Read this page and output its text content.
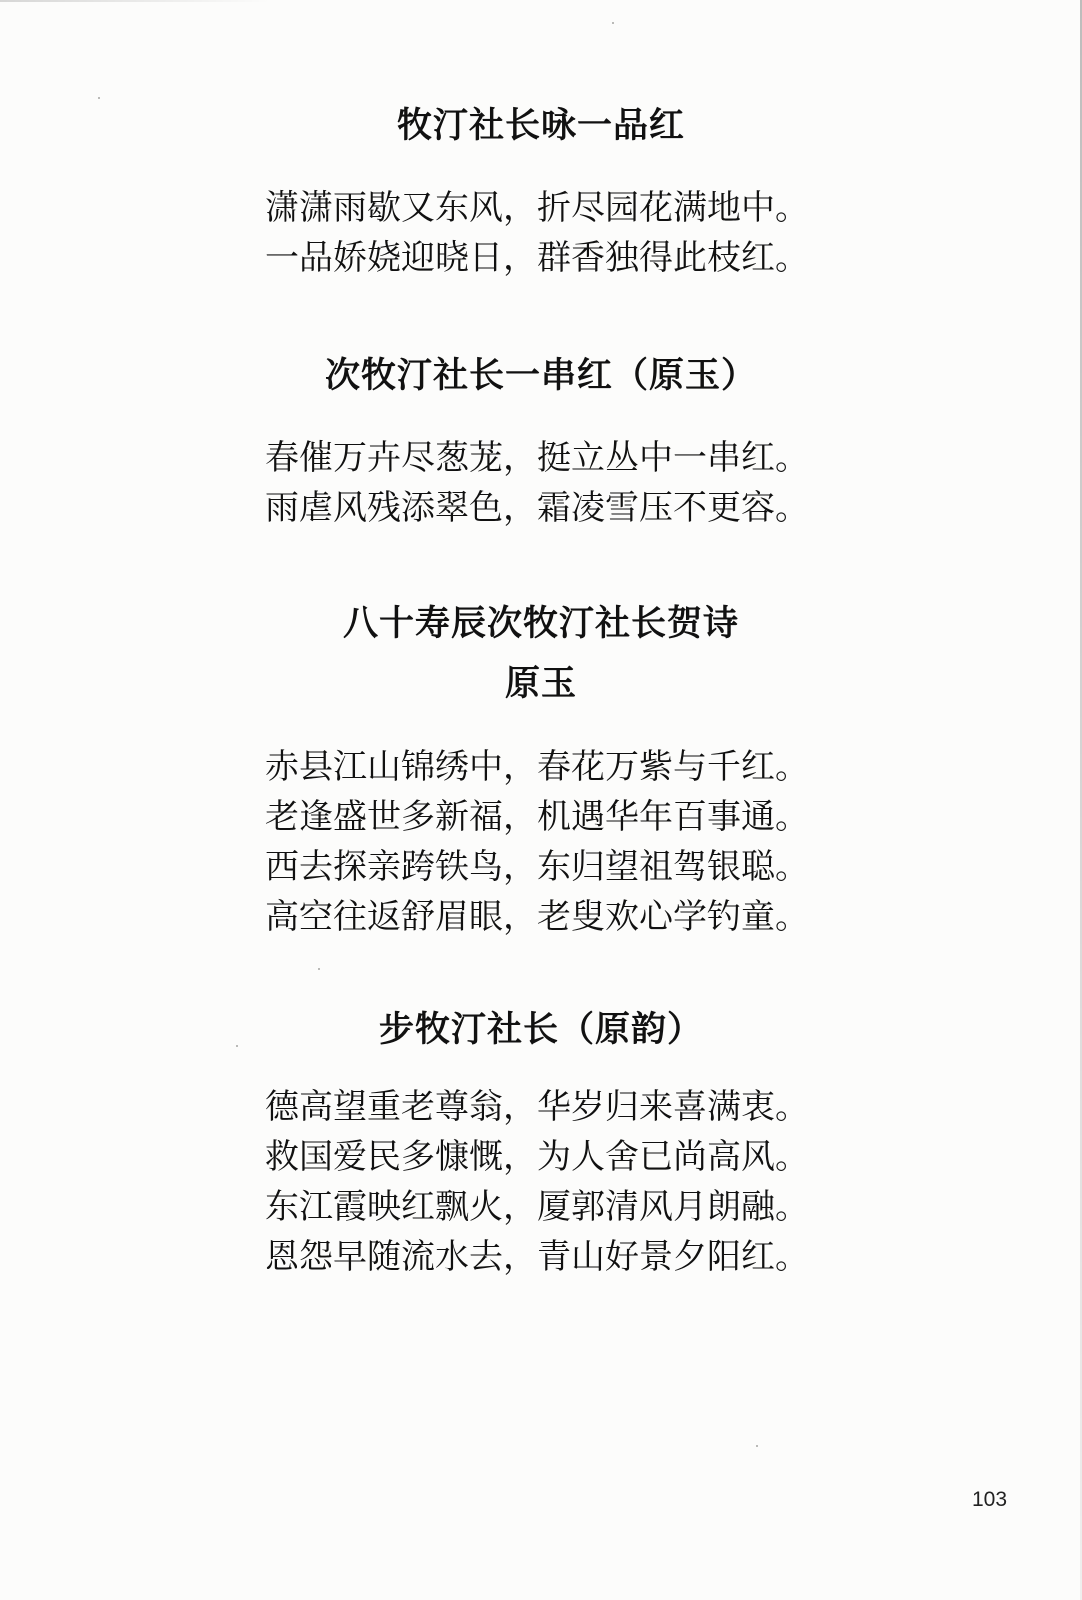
牧汀社长咏一品红
潇潇雨歇又东风，折尽园花满地中。
一品娇娆迎晓日，群香独得此枝红。
次牧汀社长一串红（原玉）
春催万卉尽葱茏，挺立丛中一串红。
雨虐风残添翠色，霜凌雪压不更容。
八十寿辰次牧汀社长贺诗
原玉
赤县江山锦绣中，春花万紫与千红。
老逢盛世多新福，机遇华年百事通。
西去探亲跨铁鸟，东归望祖驾银聪。
高空往返舒眉眼，老叟欢心学钓童。
步牧汀社长（原韵）
德高望重老尊翁，华岁归来喜满衷。
救国爱民多慷慨，为人舍已尚高风。
东江霞映红飘火，厦郭清风月朗融。
恩怨早随流水去，青山好景夕阳红。
103
